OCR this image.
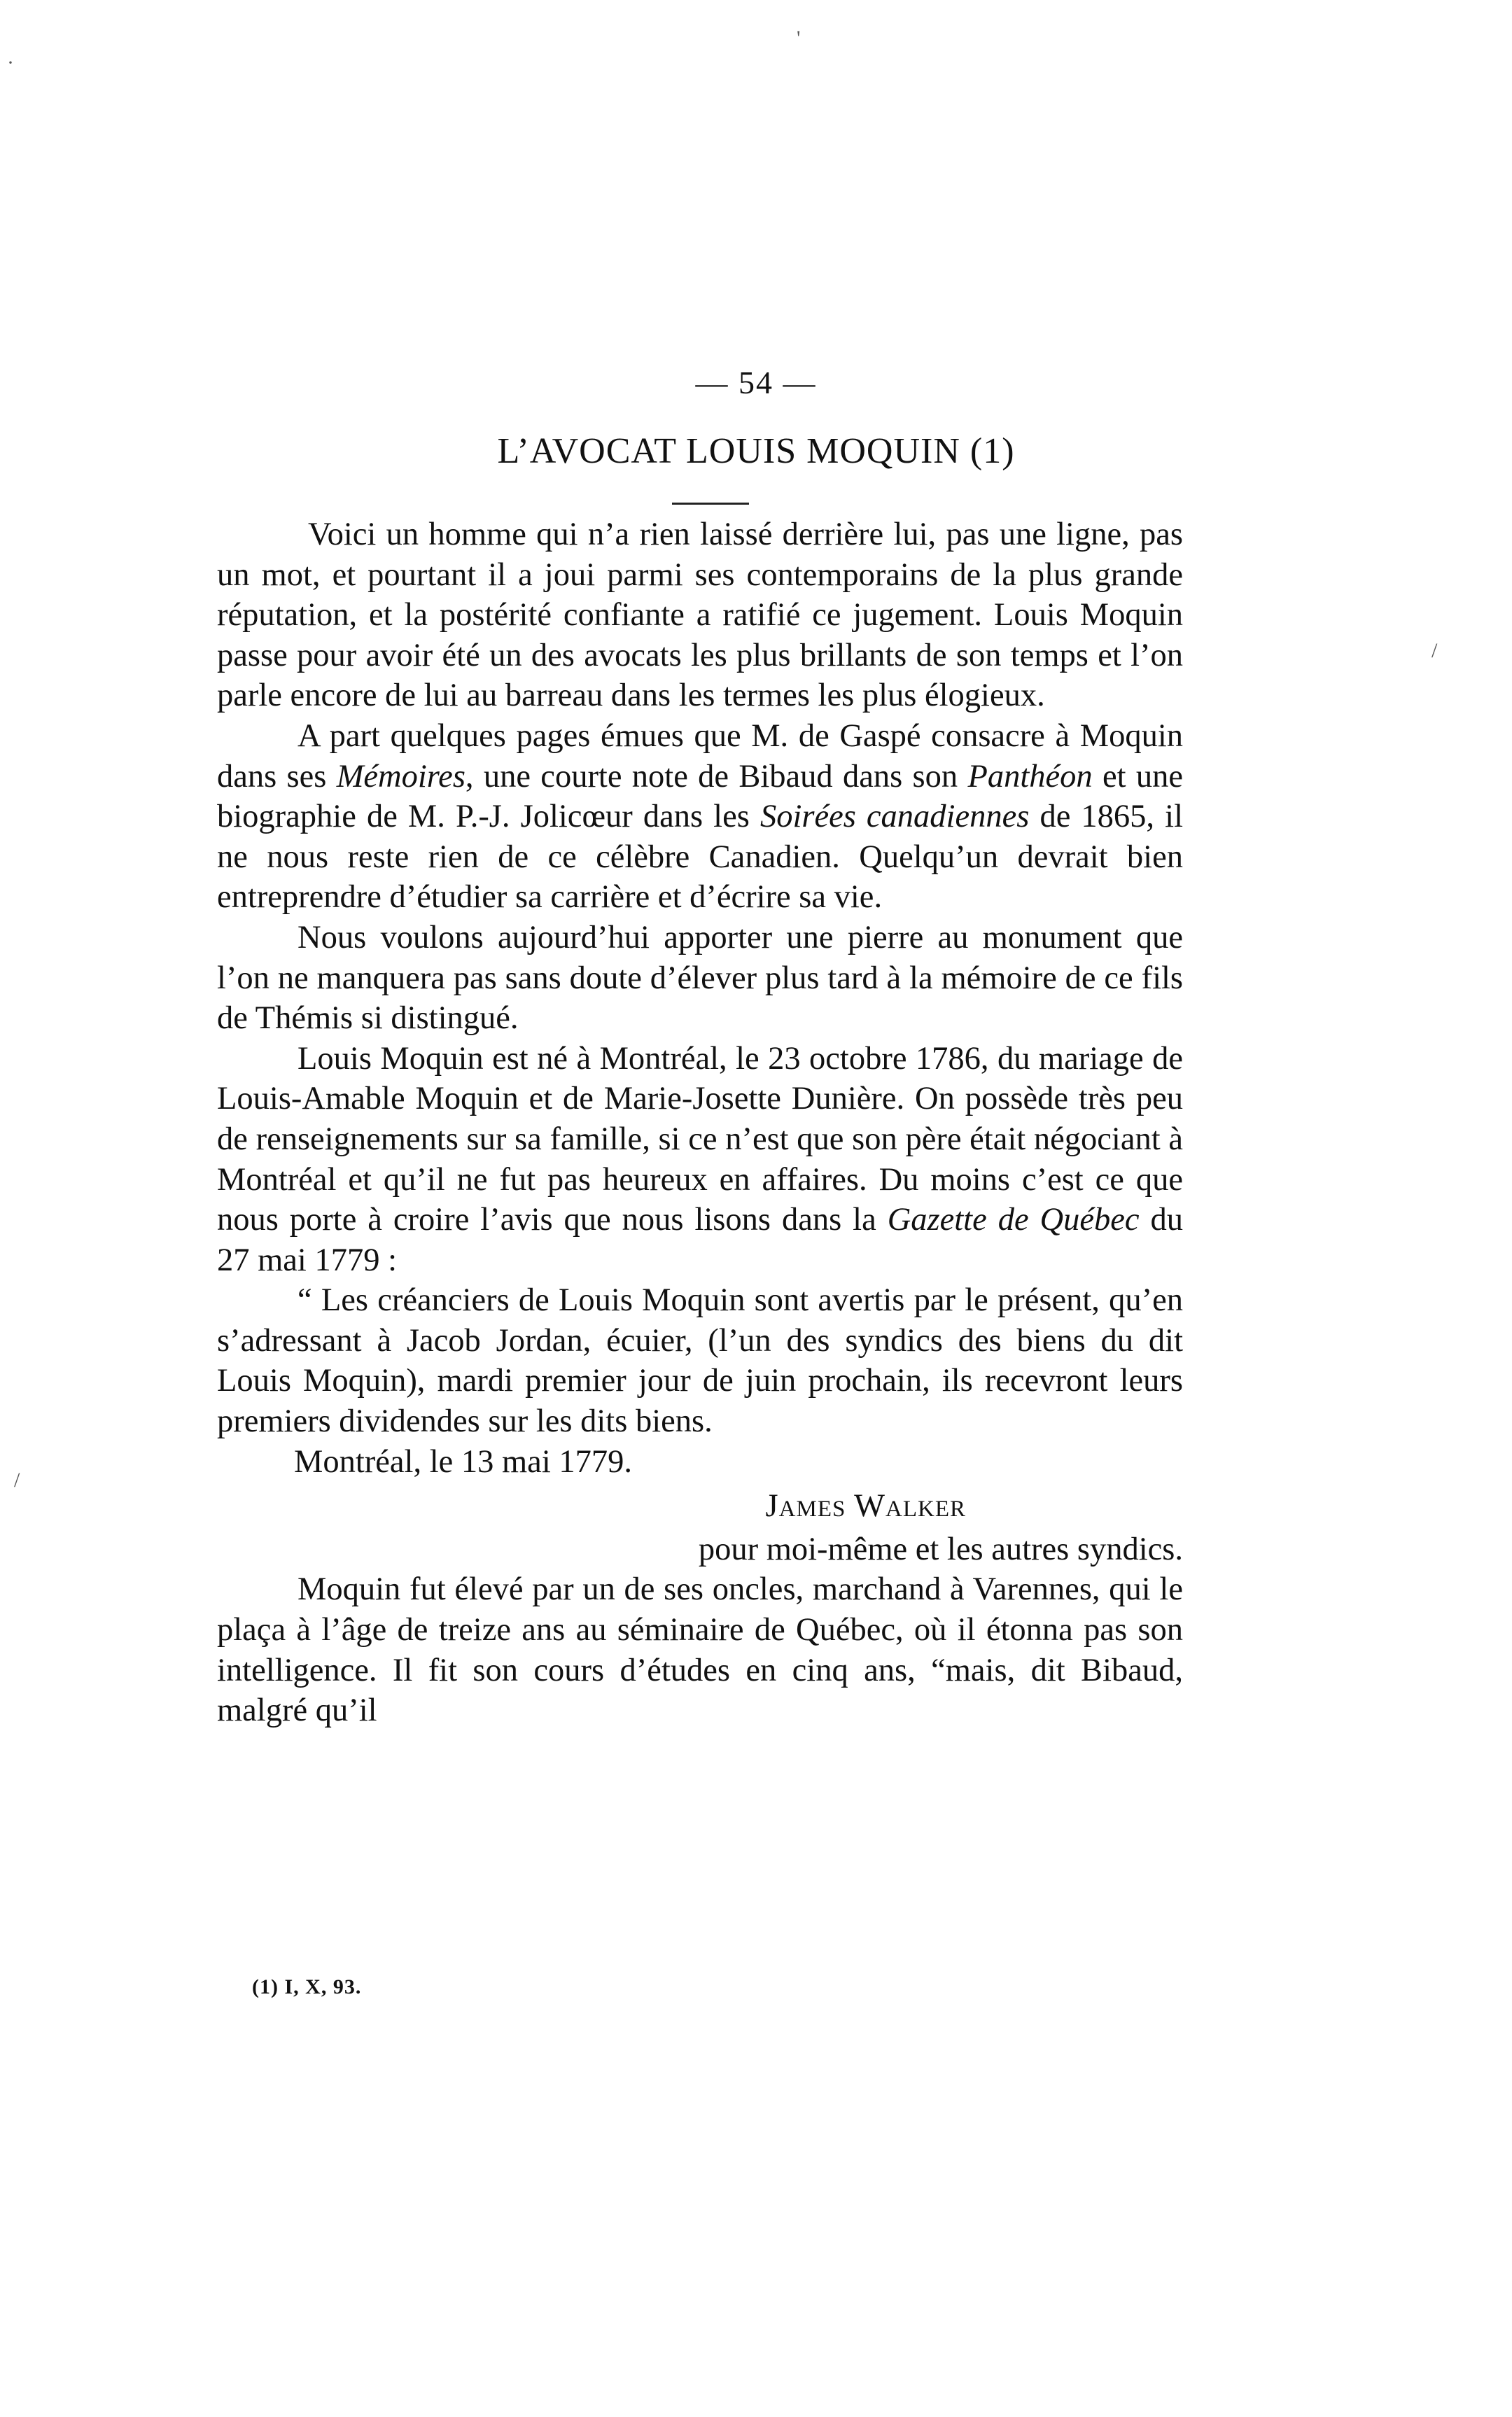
'
·
/
/
— 54 —
L’AVOCAT LOUIS MOQUIN (1)

Voici un homme qui n’a rien laissé derrière lui, pas une ligne, pas un mot, et pourtant il a joui parmi ses contemporains de la plus grande réputation, et la postérité confiante a ratifié ce jugement. Louis Moquin passe pour avoir été un des avocats les plus brillants de son temps et l’on parle encore de lui au barreau dans les termes les plus élogieux.

A part quelques pages émues que M. de Gaspé consacre à Moquin dans ses Mémoires, une courte note de Bibaud dans son Panthéon et une biographie de M. P.-J. Jolicœur dans les Soirées canadiennes de 1865, il ne nous reste rien de ce célèbre Canadien. Quelqu’un devrait bien entreprendre d’étudier sa carrière et d’écrire sa vie.

Nous voulons aujourd’hui apporter une pierre au monument que l’on ne manquera pas sans doute d’élever plus tard à la mémoire de ce fils de Thémis si distingué.

Louis Moquin est né à Montréal, le 23 octobre 1786, du mariage de Louis-Amable Moquin et de Marie-Josette Dunière. On possède très peu de renseignements sur sa famille, si ce n’est que son père était négociant à Montréal et qu’il ne fut pas heureux en affaires. Du moins c’est ce que nous porte à croire l’avis que nous lisons dans la Gazette de Québec du 27 mai 1779 :

“ Les créanciers de Louis Moquin sont avertis par le présent, qu’en s’adressant à Jacob Jordan, écuier, (l’un des syndics des biens du dit Louis Moquin), mardi premier jour de juin prochain, ils recevront leurs premiers dividendes sur les dits biens.

Montréal, le 13 mai 1779.

James Walker

pour moi-même et les autres syndics.

Moquin fut élevé par un de ses oncles, marchand à Varennes, qui le plaça à l’âge de treize ans au séminaire de Québec, où il étonna pas son intelligence. Il fit son cours d’études en cinq ans, “mais, dit Bibaud, malgré qu’il

(1) I, X, 93.
